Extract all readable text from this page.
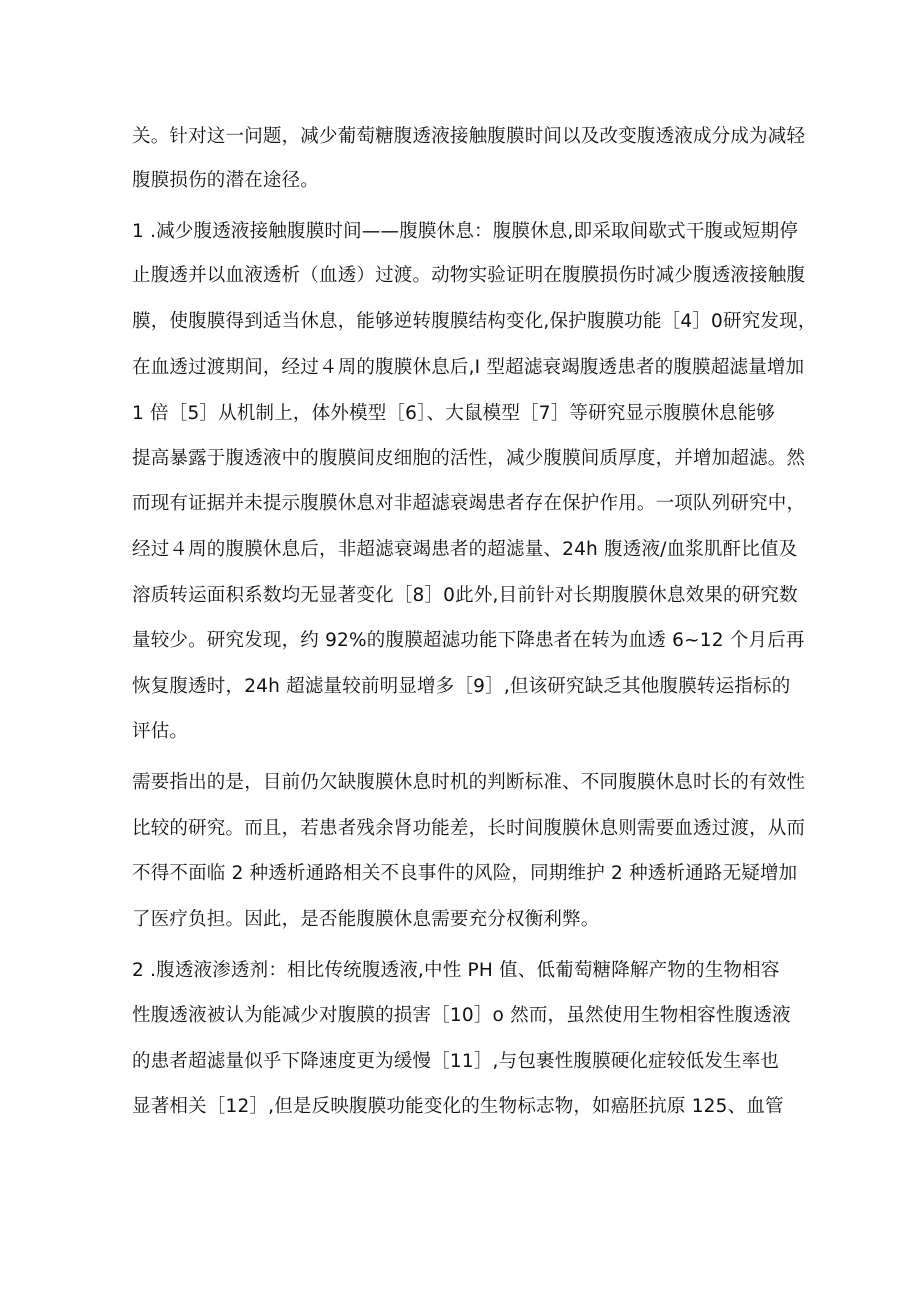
关。针对这一问题，减少葡萄糖腹透液接触腹膜时间以及改变腹透液成分成为减轻
腹膜损伤的潜在途径。
1 .减少腹透液接触腹膜时间——腹膜休息：腹膜休息,即采取间歇式干腹或短期停
止腹透并以血液透析（血透）过渡。动物实验证明在腹膜损伤时减少腹透液接触腹
膜，使腹膜得到适当休息，能够逆转腹膜结构变化,保护腹膜功能［4］0研究发现，
在血透过渡期间，经过４周的腹膜休息后,I 型超滤衰竭腹透患者的腹膜超滤量增加
1 倍［5］从机制上，体外模型［6］、大鼠模型［7］等研究显示腹膜休息能够
提高暴露于腹透液中的腹膜间皮细胞的活性，减少腹膜间质厚度，并增加超滤。然
而现有证据并未提示腹膜休息对非超滤衰竭患者存在保护作用。一项队列研究中，
经过４周的腹膜休息后，非超滤衰竭患者的超滤量、24h 腹透液/血浆肌酐比值及
溶质转运面积系数均无显著变化［8］0此外,目前针对长期腹膜休息效果的研究数
量较少。研究发现，约 92%的腹膜超滤功能下降患者在转为血透 6~12 个月后再
恢复腹透时，24h 超滤量较前明显增多［9］,但该研究缺乏其他腹膜转运指标的
评估。
需要指出的是，目前仍欠缺腹膜休息时机的判断标准、不同腹膜休息时长的有效性
比较的研究。而且，若患者残余肾功能差，长时间腹膜休息则需要血透过渡，从而
不得不面临 2 种透析通路相关不良事件的风险，同期维护 2 种透析通路无疑增加
了医疗负担。因此，是否能腹膜休息需要充分权衡利弊。
2 .腹透液渗透剂：相比传统腹透液,中性 PH 值、低葡萄糖降解产物的生物相容
性腹透液被认为能减少对腹膜的损害［10］o 然而，虽然使用生物相容性腹透液
的患者超滤量似乎下降速度更为缓慢［11］,与包裹性腹膜硬化症较低发生率也
显著相关［12］,但是反映腹膜功能变化的生物标志物，如癌胚抗原 125、血管
